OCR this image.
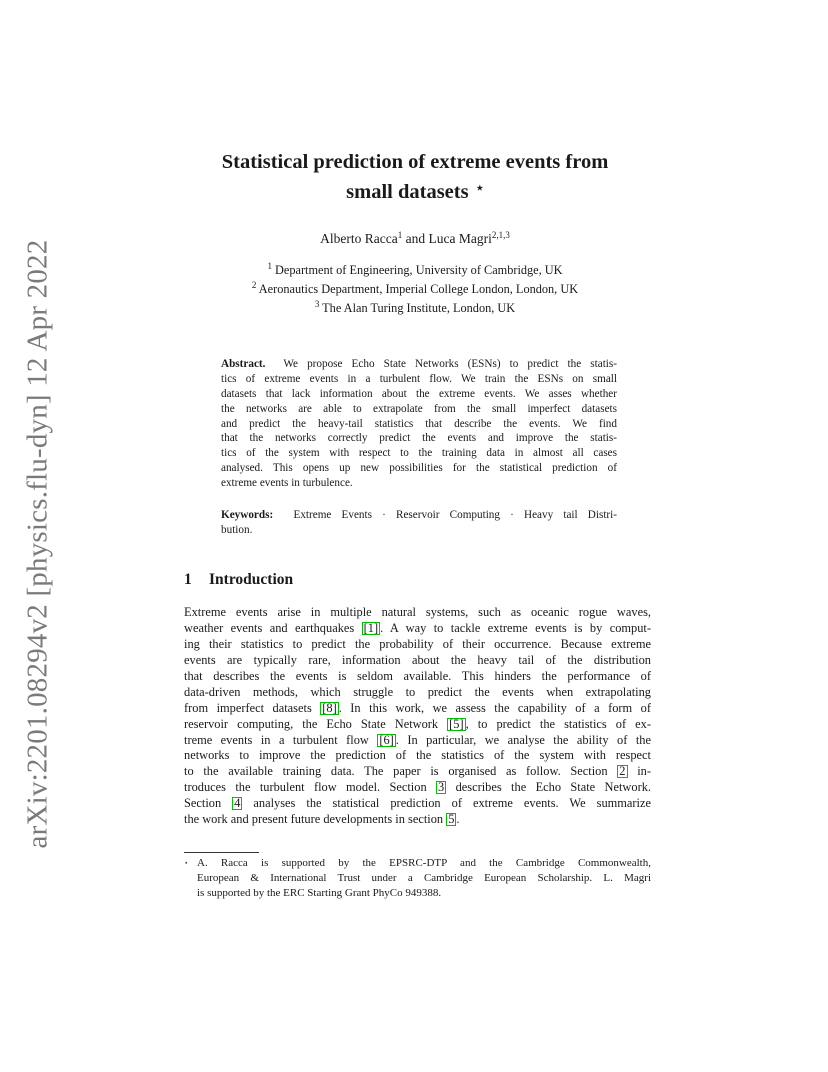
arXiv:2201.08294v2 [physics.flu-dyn] 12 Apr 2022
Statistical prediction of extreme events from
small datasets ⋆
Alberto Racca$^1$ and Luca Magri$^{2,1,3}$
$^1$ Department of Engineering, University of Cambridge, UK
$^2$ Aeronautics Department, Imperial College London, London, UK
$^3$ The Alan Turing Institute, London, UK
Abstract. We propose Echo State Networks (ESNs) to predict the statis-
tics of extreme events in a turbulent flow. We train the ESNs on small
datasets that lack information about the extreme events. We asses whether
the networks are able to extrapolate from the small imperfect datasets
and predict the heavy-tail statistics that describe the events. We find
that the networks correctly predict the events and improve the statis-
tics of the system with respect to the training data in almost all cases
analysed. This opens up new possibilities for the statistical prediction of
extreme events in turbulence.
Keywords: Extreme Events · Reservoir Computing · Heavy tail Distri-
bution.
1 Introduction
Extreme events arise in multiple natural systems, such as oceanic rogue waves,
weather events and earthquakes [1] . A way to tackle extreme events is by comput-
ing their statistics to predict the probability of their occurrence. Because extreme
events are typically rare, information about the heavy tail of the distribution
that describes the events is seldom available. This hinders the performance of
data-driven methods, which struggle to predict the events when extrapolating
from imperfect datasets [8] . In this work, we assess the capability of a form of
reservoir computing, the Echo State Network [5] , to predict the statistics of ex-
treme events in a turbulent flow [6] . In particular, we analyse the ability of the
networks to improve the prediction of the statistics of the system with respect
to the available training data. The paper is organised as follow. Section 2 in-
troduces the turbulent flow model. Section 3 describes the Echo State Network.
Section 4 analyses the statistical prediction of extreme events. We summarize
the work and present future developments in section 5 .
⋆ A. Racca is supported by the EPSRC-DTP and the Cambridge Commonwealth,
European & International Trust under a Cambridge European Scholarship. L. Magri
is supported by the ERC Starting Grant PhyCo 949388.
